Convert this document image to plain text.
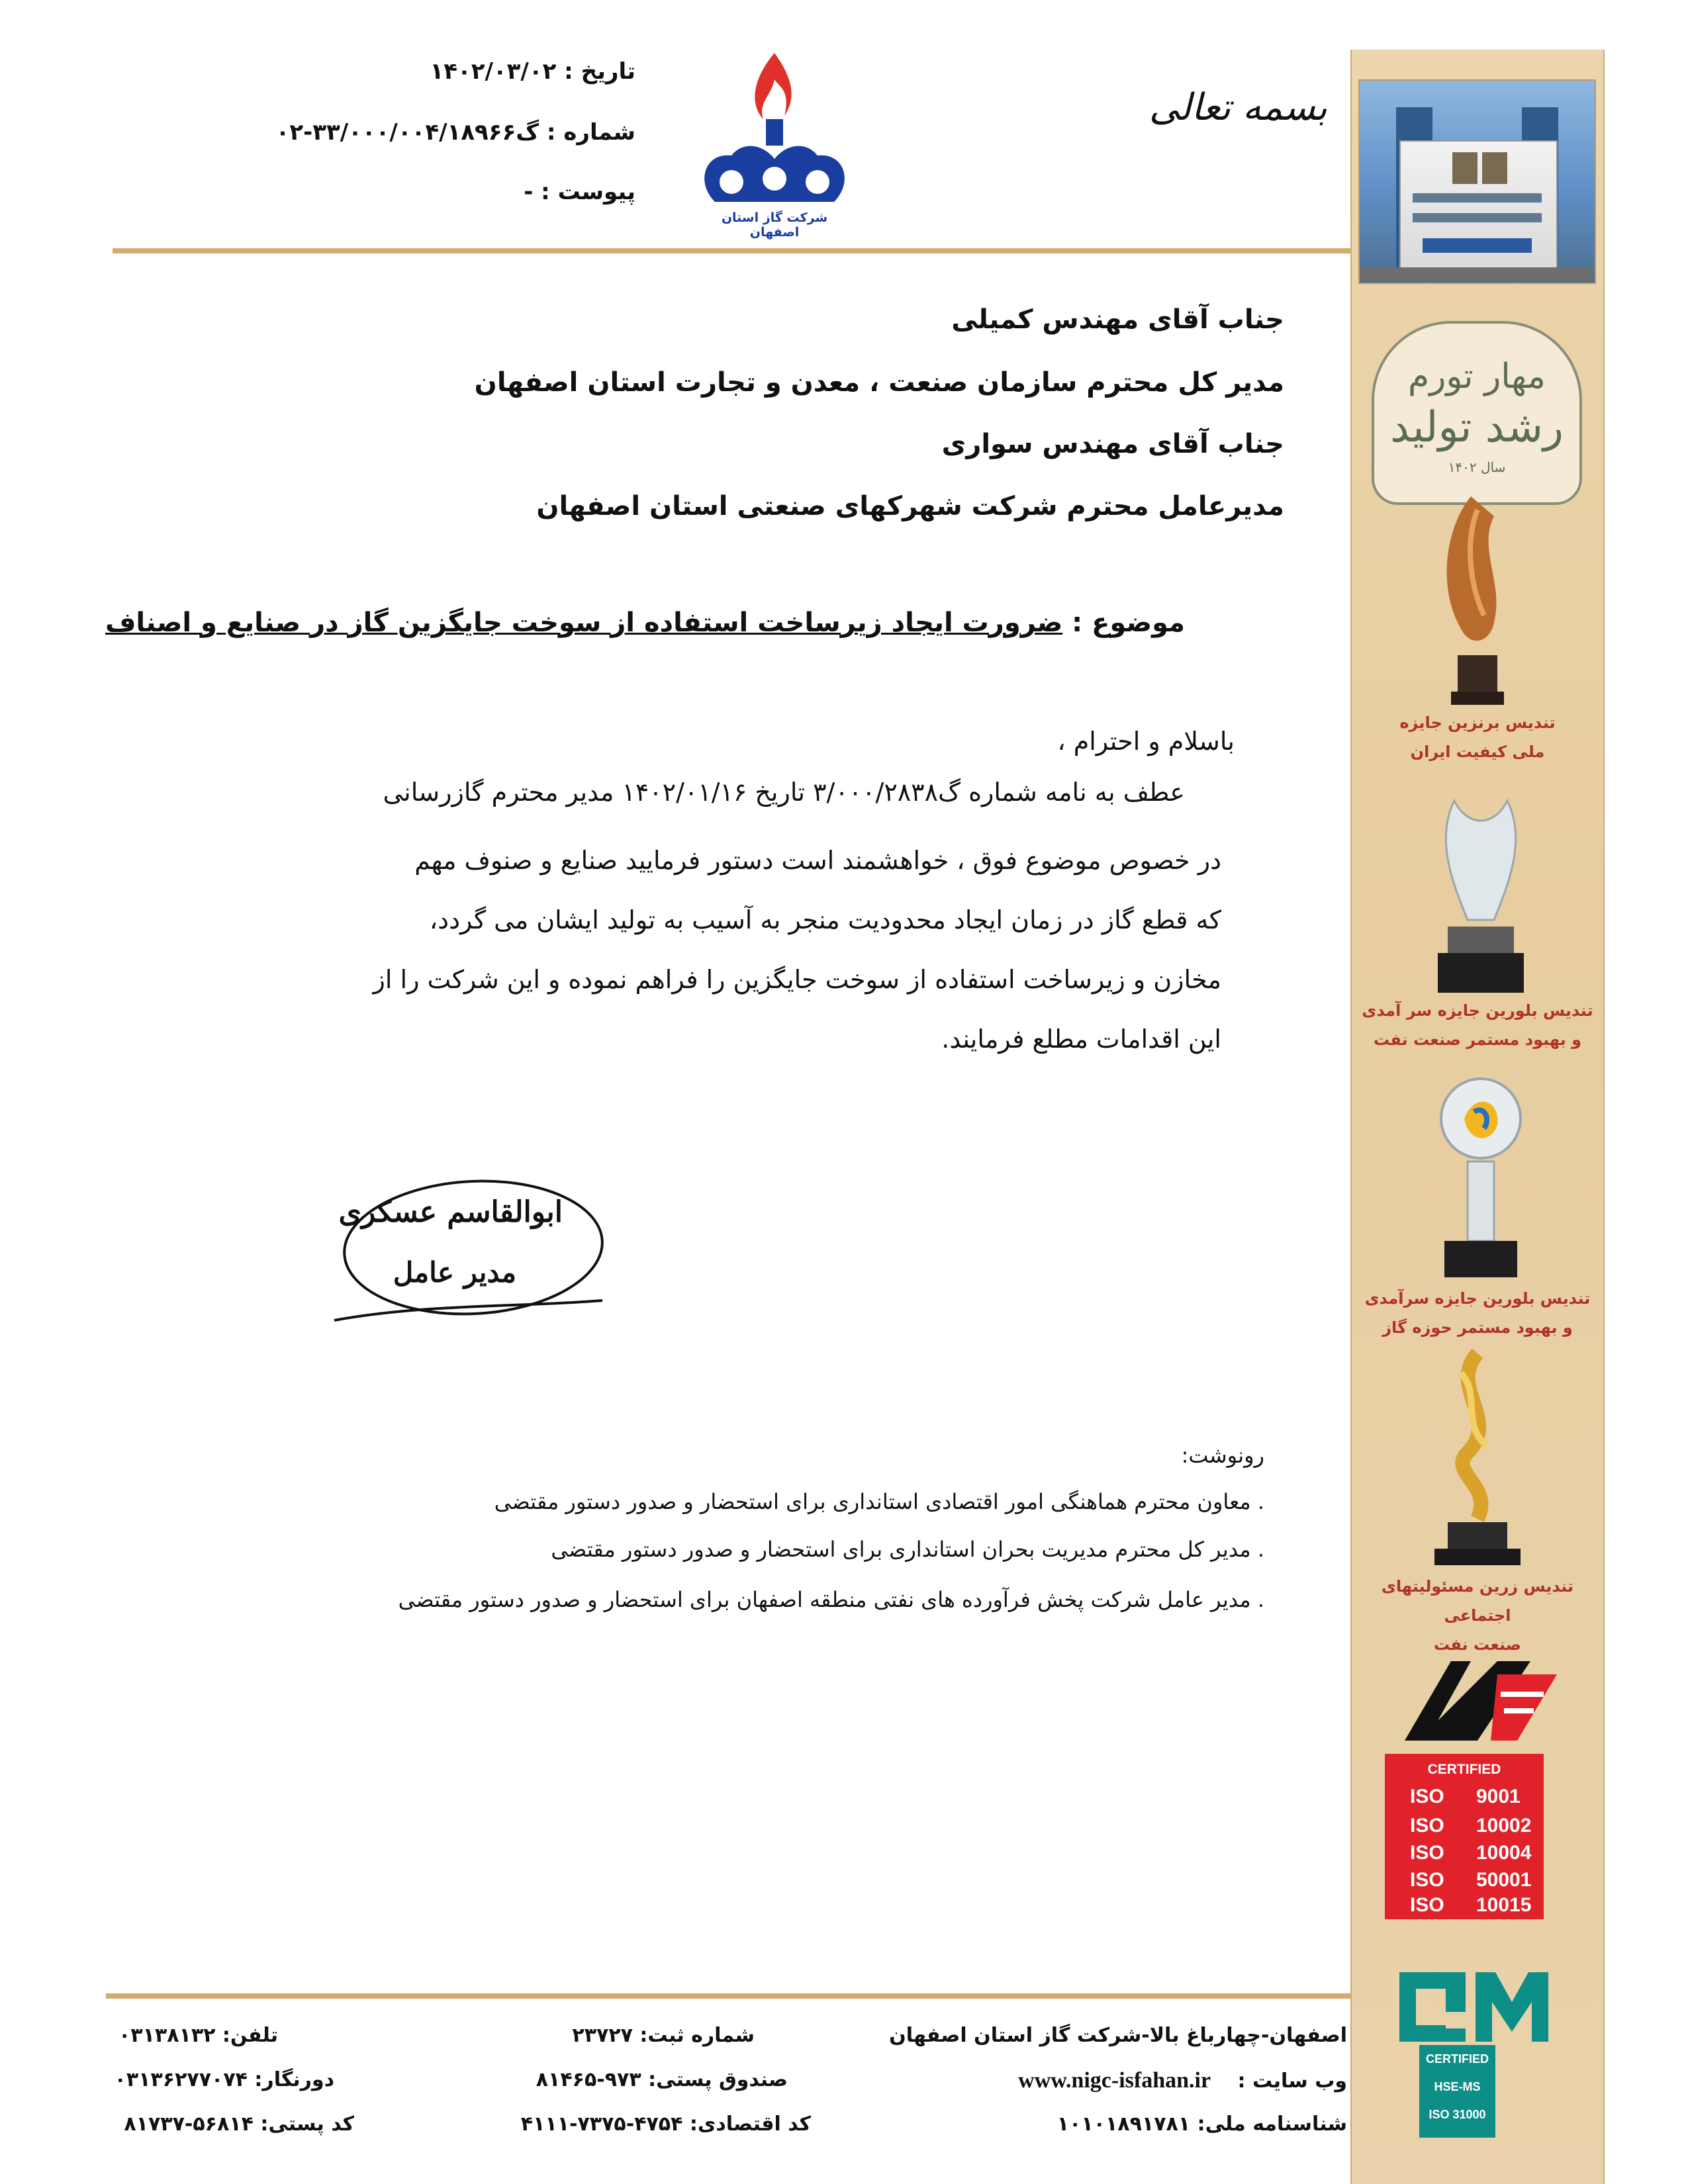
مهار تورم
رشد تولید
سال ۱۴۰۲
تندیس برنزین جایزه
ملی کیفیت ایران
تندیس بلورین جایزه سر آمدی
و بهبود مستمر صنعت نفت
تندیس بلورین جایزه سرآمدی
و بهبود مستمر حوزه گاز
تندیس زرین مسئولیتهای اجتماعی
صنعت نفت
CERTIFIED
ISO 9001
ISO 10002
ISO 10004
ISO 50001
ISO 10015
CERTIFIED
HSE-MS
ISO 31000
تاریخ : ۱۴۰۲/۰۳/۰۲
شماره : گ۳۳/۰۰۰/۰۰۴/۱۸۹۶۶-۰۲
پیوست : -
شرکت گاز استان اصفهان
بسمه تعالی
جناب آقای مهندس کمیلی
مدیر کل محترم سازمان صنعت ، معدن و تجارت استان اصفهان
جناب آقای مهندس سواری
مدیرعامل محترم شرکت شهرکهای صنعتی استان اصفهان
موضوع : ضرورت ایجاد زیرساخت استفاده از سوخت جایگزین گاز در صنایع و اصناف
باسلام و احترام ،
عطف به نامه شماره گ۳/۰۰۰/۲۸۳۸ تاریخ ۱۴۰۲/۰۱/۱۶ مدیر محترم گازرسانی
در خصوص موضوع فوق ، خواهشمند است دستور فرمایید صنایع و صنوف مهم
که قطع گاز در زمان ایجاد محدودیت منجر به آسیب به تولید ایشان می گردد،
مخازن و زیرساخت استفاده از سوخت جایگزین را فراهم نموده و این شرکت را از
این اقدامات مطلع فرمایند.
ابوالقاسم عسکری
مدیر عامل
رونوشت:
. معاون محترم هماهنگی امور اقتصادی استانداری برای استحضار و صدور دستور مقتضی
. مدیر کل محترم مدیریت بحران استانداری برای استحضار و صدور دستور مقتضی
. مدیر عامل شرکت پخش فرآورده های نفتی منطقه اصفهان برای استحضار و صدور دستور مقتضی
اصفهان-چهارباغ بالا-شرکت گاز استان اصفهان
وب سایت : www.nigc-isfahan.ir
شناسنامه ملی: ۱۰۱۰۱۸۹۱۷۸۱
شماره ثبت: ۲۳۷۲۷
صندوق پستی: ۹۷۳-۸۱۴۶۵
کد اقتصادی: ۴۷۵۴-۷۳۷۵-۴۱۱۱
تلفن: ۰۳۱۳۸۱۳۲
دورنگار: ۰۳۱۳۶۲۷۷۰۷۴
کد پستی: ۵۶۸۱۴-۸۱۷۳۷
